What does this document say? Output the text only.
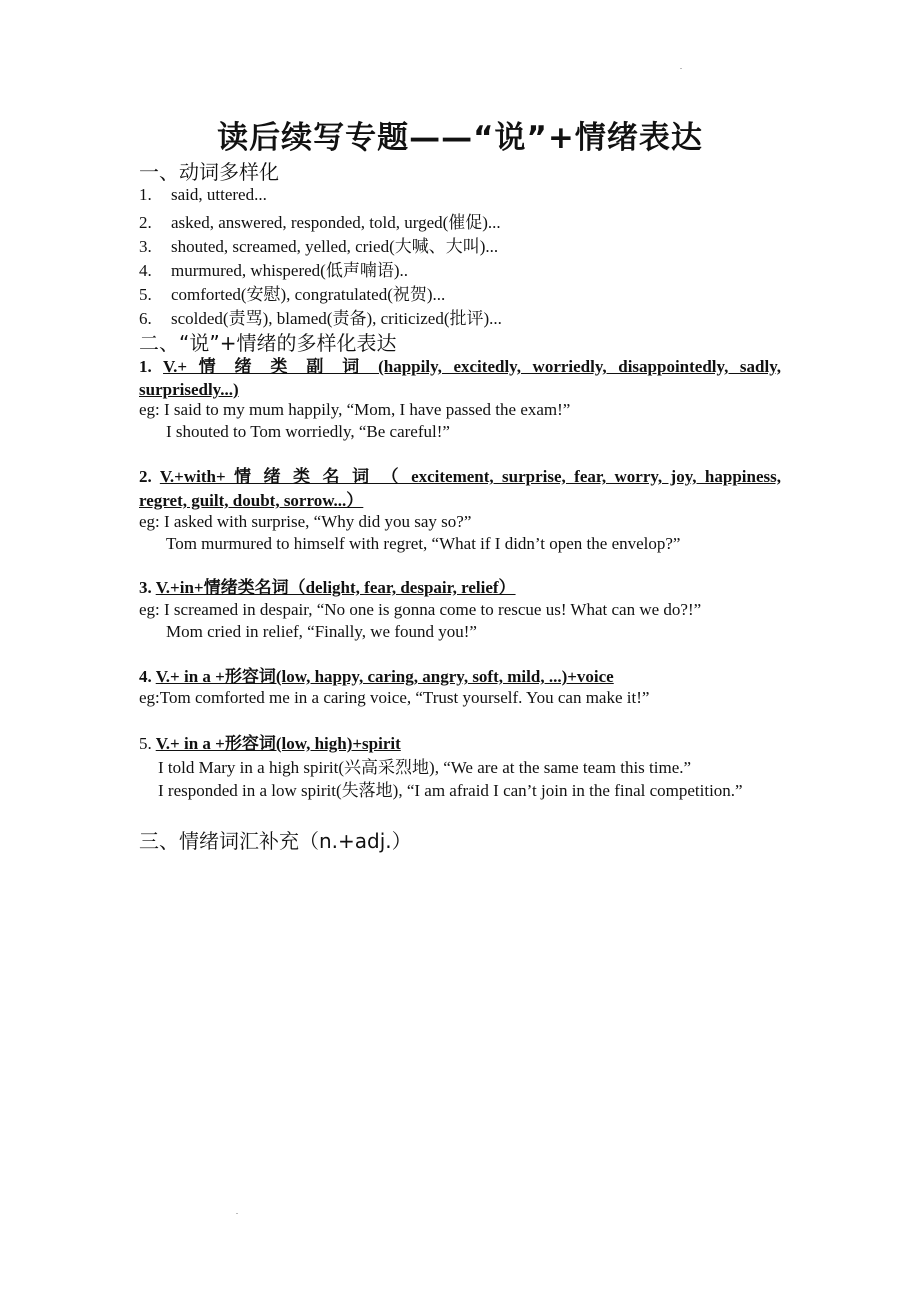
读后续写专题——“说”+情绪表达
一、动词多样化
1. said, uttered...
2. asked, answered, responded, told, urged(催促)...
3. shouted, screamed, yelled, cried(大喊、大叫)...
4. murmured, whispered(低声喃语)..
5. comforted(安慰), congratulated(祝贺)...
6. scolded(责骂), blamed(责备), criticized(批评)...
二、“说”+情绪的多样化表达
1. V.+ 情 绪 类 副 词 (happily, excitedly, worriedly, disappointedly, sadly,
surprisedly...)
eg: I said to my mum happily, “Mom, I have passed the exam!”
I shouted to Tom worriedly, “Be careful!”
2. V.+with+ 情 绪 类 名 词 （ excitement, surprise, fear, worry, joy, happiness,
regret, guilt, doubt, sorrow...）
eg: I asked with surprise, “Why did you say so?”
Tom murmured to himself with regret, “What if I didn’t open the envelop?”
3. V.+in+情绪类名词（delight, fear, despair, relief）
eg: I screamed in despair, “No one is gonna come to rescue us! What can we do?!”
Mom cried in relief, “Finally, we found you!”
4. V.+ in a +形容词(low, happy, caring, angry, soft, mild, ...)+voice
eg:Tom comforted me in a caring voice, “Trust yourself. You can make it!”
5. V.+ in a +形容词(low, high)+spirit
I told Mary in a high spirit(兴高采烈地), “We are at the same team this time.”
I responded in a low spirit(失落地), “I am afraid I can’t join in the final competition.”
三、情绪词汇补充（n.+adj.）
